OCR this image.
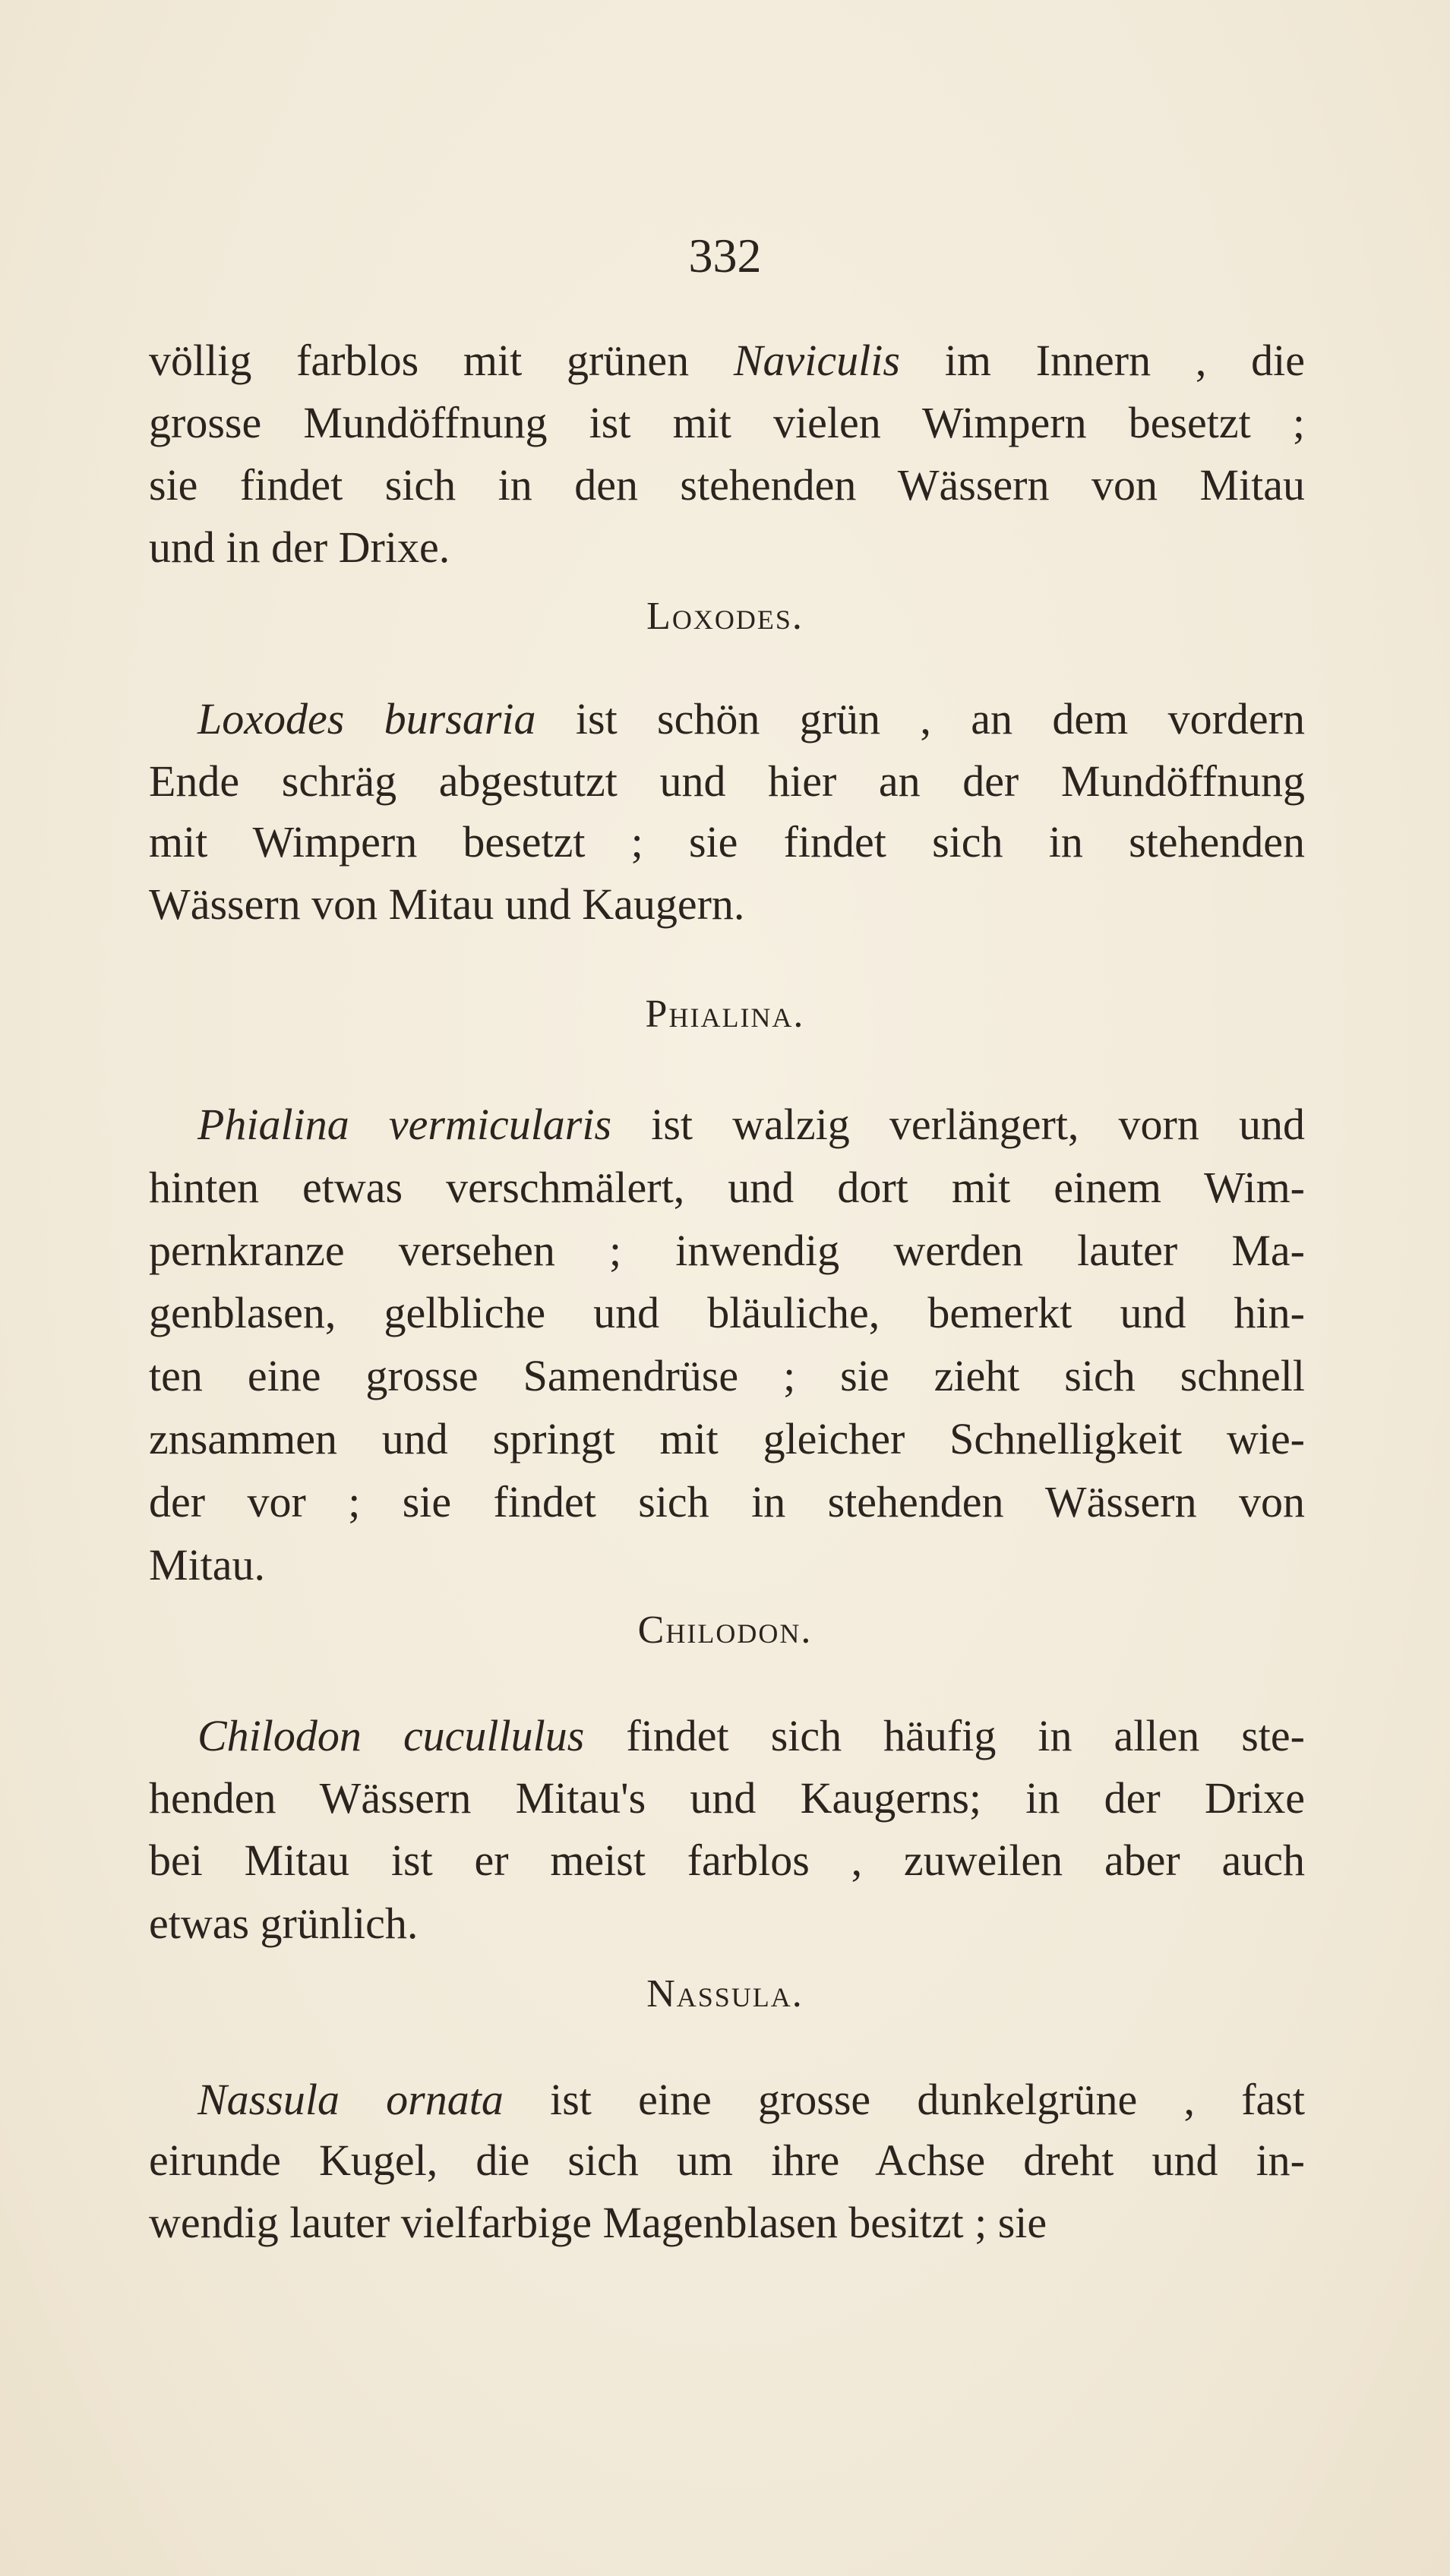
332
völlig farblos mit grünen Naviculis im Innern , die
grosse Mundöffnung ist mit vielen Wimpern besetzt ;
sie findet sich in den stehenden Wässern von Mitau
und in der Drixe.
Loxodes.
Loxodes bursaria ist schön grün , an dem vordern
Ende schräg abgestutzt und hier an der Mundöffnung
mit Wimpern besetzt ; sie findet sich in stehenden
Wässern von Mitau und Kaugern.
Phialina.
Phialina vermicularis ist walzig verlängert, vorn und
hinten etwas verschmälert, und dort mit einem Wim-
pernkranze versehen ; inwendig werden lauter Ma-
genblasen, gelbliche und bläuliche, bemerkt und hin-
ten eine grosse Samendrüse ; sie zieht sich schnell
znsammen und springt mit gleicher Schnelligkeit wie-
der vor ; sie findet sich in stehenden Wässern von
Mitau.
Chilodon.
Chilodon cucullulus findet sich häufig in allen ste-
henden Wässern Mitau's und Kaugerns; in der Drixe
bei Mitau ist er meist farblos , zuweilen aber auch
etwas grünlich.
Nassula.
Nassula ornata ist eine grosse dunkelgrüne , fast
eirunde Kugel, die sich um ihre Achse dreht und in-
wendig lauter vielfarbige Magenblasen besitzt ; sie
